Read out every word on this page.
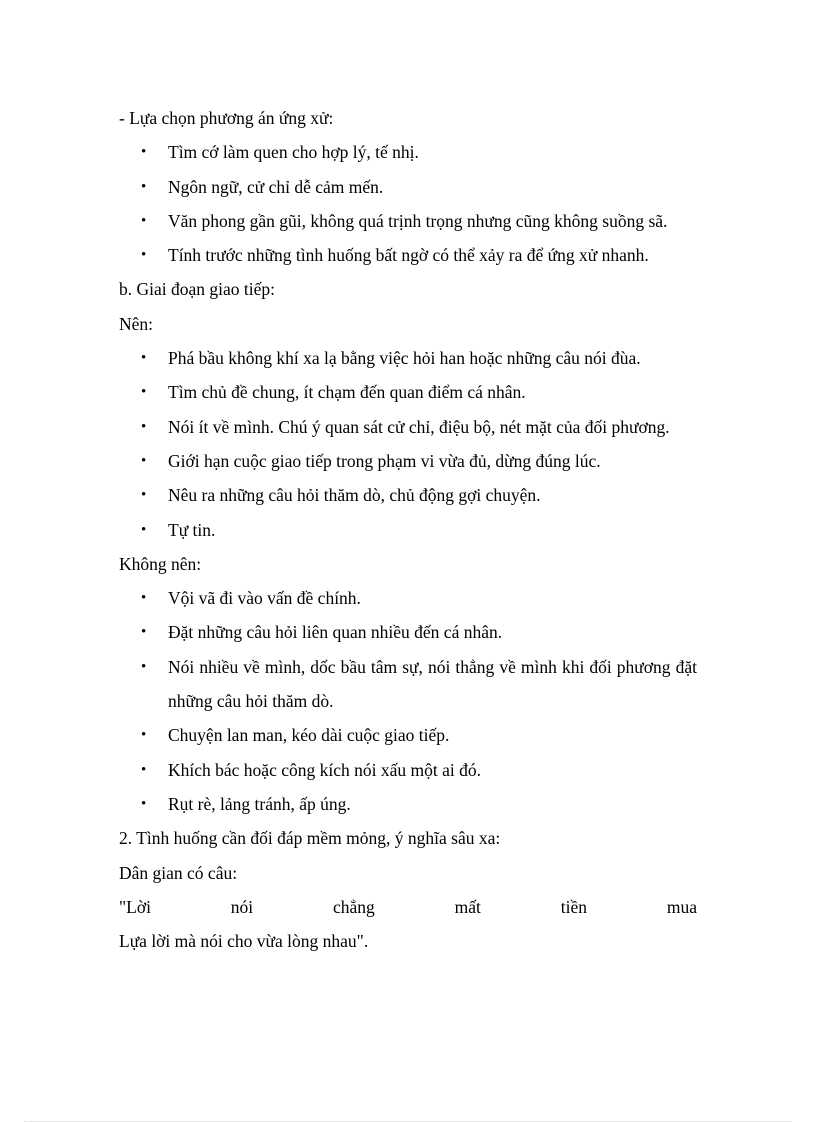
- Lựa chọn phương án ứng xử:

• Tìm cớ làm quen cho hợp lý, tế nhị.
• Ngôn ngữ, cử chỉ dễ cảm mến.
• Văn phong gần gũi, không quá trịnh trọng nhưng cũng không suồng sã.
• Tính trước những tình huống bất ngờ có thể xảy ra để ứng xử nhanh.

b. Giai đoạn giao tiếp:

Nên:

• Phá bầu không khí xa lạ bằng việc hỏi han hoặc những câu nói đùa.
• Tìm chủ đề chung, ít chạm đến quan điểm cá nhân.
• Nói ít về mình. Chú ý quan sát cử chỉ, điệu bộ, nét mặt của đối phương.
• Giới hạn cuộc giao tiếp trong phạm vi vừa đủ, dừng đúng lúc.
• Nêu ra những câu hỏi thăm dò, chủ động gợi chuyện.
• Tự tin.

Không nên:

• Vội vã đi vào vấn đề chính.
• Đặt những câu hỏi liên quan nhiều đến cá nhân.
• Nói nhiều về mình, dốc bầu tâm sự, nói thẳng về mình khi đối phương đặt những câu hỏi thăm dò.
• Chuyện lan man, kéo dài cuộc giao tiếp.
• Khích bác hoặc công kích nói xấu một ai đó.
• Rụt rè, lảng tránh, ấp úng.

2. Tình huống cần đối đáp mềm mỏng, ý nghĩa sâu xa:

Dân gian có câu:

"Lời	nói	chẳng	mất	tiền	mua

Lựa lời mà nói cho vừa lòng nhau".
